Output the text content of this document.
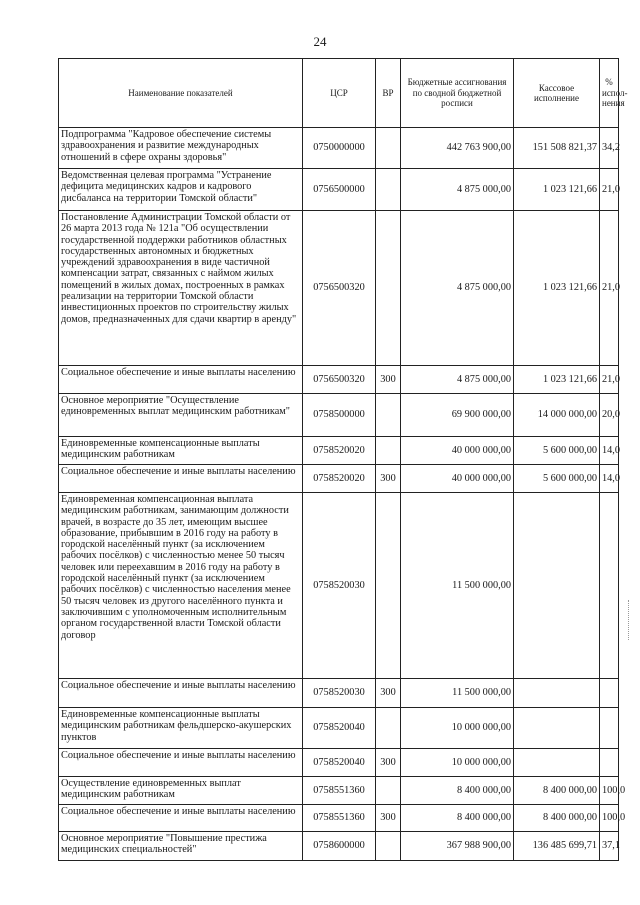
24
Наименование показателей	ЦСР	ВР	Бюджетные ассигнования по сводной бюджетной росписи	Кассовое исполнение	% испол- нения
Подпрограмма "Кадровое обеспечение системы здравоохранения и развитие международных отношений в сфере охраны здоровья"	0750000000		442 763 900,00	151 508 821,37	34,2
Ведомственная целевая программа "Устранение дефицита медицинских кадров и кадрового дисбаланса на территории Томской области"	0756500000		4 875 000,00	1 023 121,66	21,0
Постановление Администрации Томской области от 26 марта 2013 года № 121а "Об осуществлении государственной поддержки работников областных государственных автономных и бюджетных учреждений здравоохранения в виде частичной компенсации затрат, связанных с наймом жилых помещений в жилых домах, построенных в рамках реализации на территории Томской области инвестиционных проектов по строительству жилых домов, предназначенных для сдачи квартир в аренду"	0756500320		4 875 000,00	1 023 121,66	21,0
Социальное обеспечение и иные выплаты населению	0756500320	300	4 875 000,00	1 023 121,66	21,0
Основное мероприятие "Осуществление единовременных выплат медицинским работникам"	0758500000		69 900 000,00	14 000 000,00	20,0
Единовременные компенсационные выплаты медицинским работникам	0758520020		40 000 000,00	5 600 000,00	14,0
Социальное обеспечение и иные выплаты населению	0758520020	300	40 000 000,00	5 600 000,00	14,0
Единовременная компенсационная выплата медицинским работникам, занимающим должности врачей, в возрасте до 35 лет, имеющим высшее образование, прибывшим в 2016 году на работу в городской населённый пункт (за исключением рабочих посёлков) с численностью менее 50 тысяч человек или переехавшим в 2016 году на работу в городской населённый пункт (за исключением рабочих посёлков) с численностью населения менее 50 тысяч человек из другого населённого пункта и заключившим с уполномоченным исполнительным органом государственной власти Томской области договор	0758520030		11 500 000,00		
Социальное обеспечение и иные выплаты населению	0758520030	300	11 500 000,00		
Единовременные компенсационные выплаты медицинским работникам фельдшерско-акушерских пунктов	0758520040		10 000 000,00		
Социальное обеспечение и иные выплаты населению	0758520040	300	10 000 000,00		
Осуществление единовременных выплат медицинским работникам	0758551360		8 400 000,00	8 400 000,00	100,0
Социальное обеспечение и иные выплаты населению	0758551360	300	8 400 000,00	8 400 000,00	100,0
Основное мероприятие "Повышение престижа медицинских специальностей"	0758600000		367 988 900,00	136 485 699,71	37,1
